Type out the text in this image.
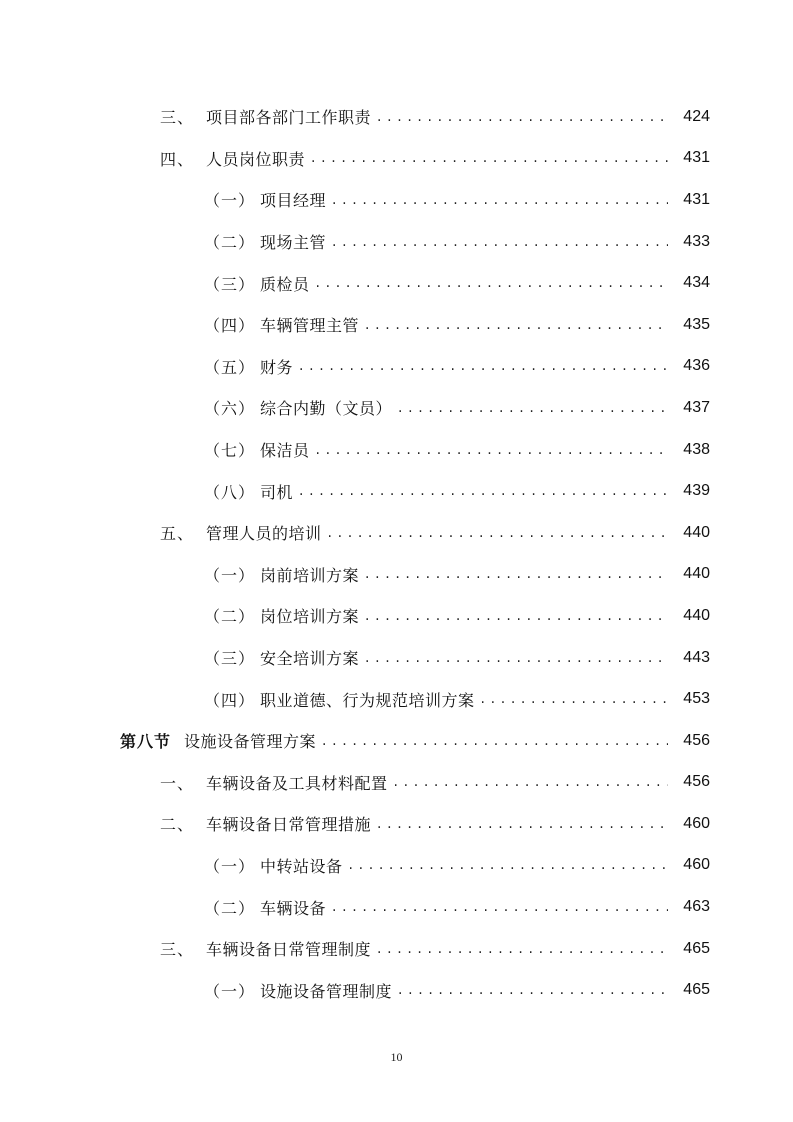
三、 项目部各部门工作职责 . . .	424
四、 人员岗位职责 . . .	431
（一） 项目经理 . . .	431
（二） 现场主管 . . .	433
（三） 质检员 . . .	434
（四） 车辆管理主管 . . .	435
（五） 财务 . . .	436
（六） 综合内勤（文员） . . .	437
（七） 保洁员 . . .	438
（八） 司机 . . .	439
五、 管理人员的培训 . . .	440
（一） 岗前培训方案 . . .	440
（二） 岗位培训方案 . . .	440
（三） 安全培训方案 . . .	443
（四） 职业道德、行为规范培训方案 . . .	453
第八节 设施设备管理方案 . . .	456
一、 车辆设备及工具材料配置 . . .	456
二、 车辆设备日常管理措施 . . .	460
（一） 中转站设备 . . .	460
（二） 车辆设备 . . .	463
三、 车辆设备日常管理制度 . . .	465
（一） 设施设备管理制度 . . .	465
10
